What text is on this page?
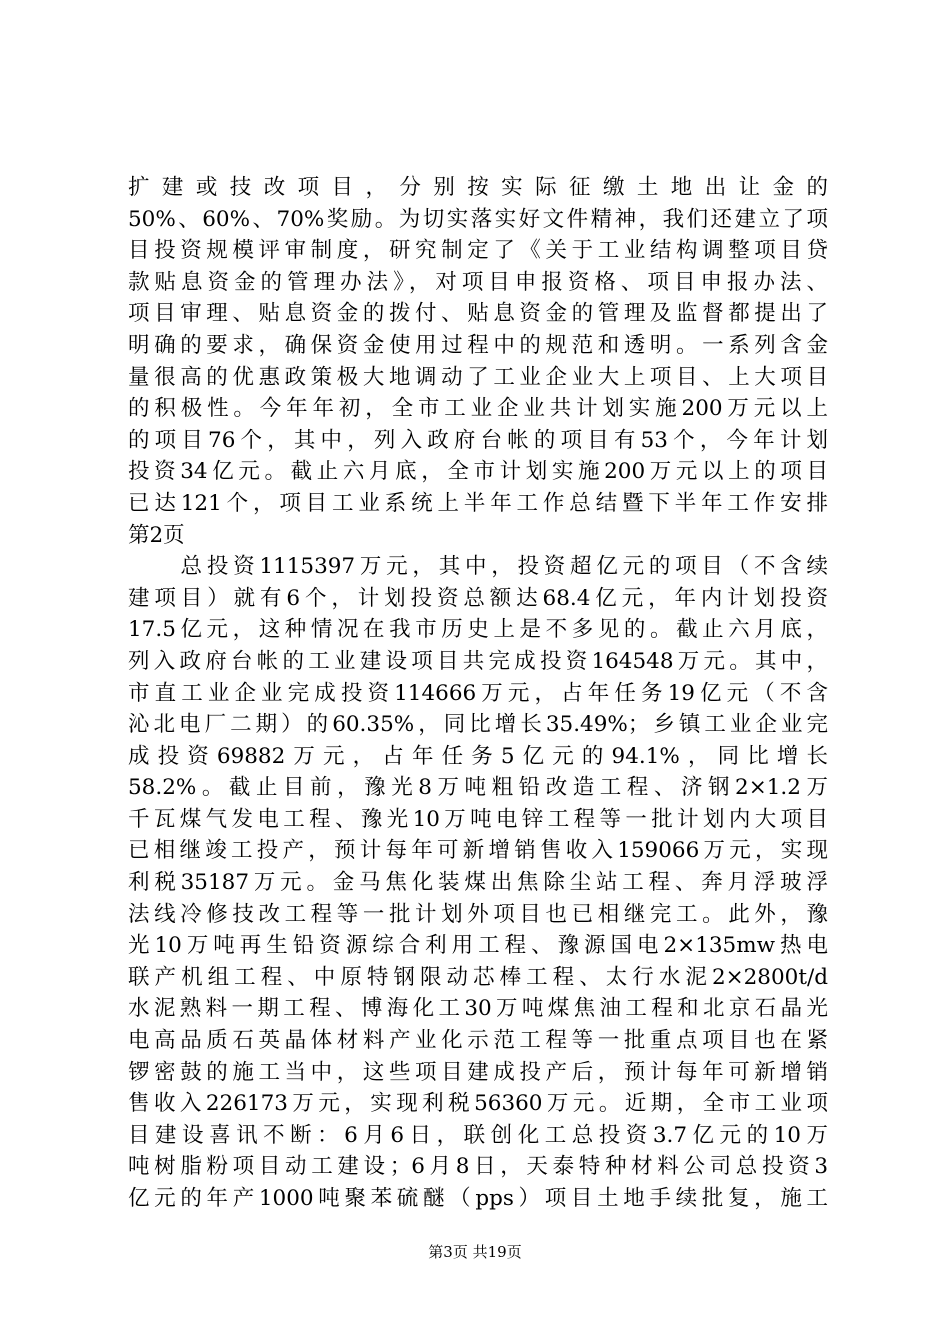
扩建或技改项目，分别按实际征缴土地出让金的
50%、60%、70%奖励。为切实落实好文件精神，我们还建立了项
目投资规模评审制度，研究制定了《关于工业结构调整项目贷
款贴息资金的管理办法》，对项目申报资格、项目申报办法、
项目审理、贴息资金的拨付、贴息资金的管理及监督都提出了
明确的要求，确保资金使用过程中的规范和透明。一系列含金
量很高的优惠政策极大地调动了工业企业大上项目、上大项目
的积极性。今年年初，全市工业企业共计划实施200万元以上
的项目76个，其中，列入政府台帐的项目有53个，今年计划
投资34亿元。截止六月底，全市计划实施200万元以上的项目
已达121个，项目工业系统上半年工作总结暨下半年工作安排
第2页
　　总投资1115397万元，其中，投资超亿元的项目（不含续
建项目）就有6个，计划投资总额达68.4亿元，年内计划投资
17.5亿元，这种情况在我市历史上是不多见的。截止六月底，
列入政府台帐的工业建设项目共完成投资164548万元。其中，
市直工业企业完成投资114666万元，占年任务19亿元（不含
沁北电厂二期）的60.35%，同比增长35.49%；乡镇工业企业完
成投资69882万元，占年任务5亿元的94.1%，同比增长
58.2%。截止目前，豫光8万吨粗铅改造工程、济钢2×1.2万
千瓦煤气发电工程、豫光10万吨电锌工程等一批计划内大项目
已相继竣工投产，预计每年可新增销售收入159066万元，实现
利税35187万元。金马焦化装煤出焦除尘站工程、奔月浮玻浮
法线冷修技改工程等一批计划外项目也已相继完工。此外，豫
光10万吨再生铅资源综合利用工程、豫源国电2×135mw热电
联产机组工程、中原特钢限动芯棒工程、太行水泥2×2800t/d
水泥熟料一期工程、博海化工30万吨煤焦油工程和北京石晶光
电高品质石英晶体材料产业化示范工程等一批重点项目也在紧
锣密鼓的施工当中，这些项目建成投产后，预计每年可新增销
售收入226173万元，实现利税56360万元。近期，全市工业项
目建设喜讯不断：6月6日，联创化工总投资3.7亿元的10万
吨树脂粉项目动工建设；6月8日，天泰特种材料公司总投资3
亿元的年产1000吨聚苯硫醚（pps）项目土地手续批复，施工
第3页 共19页
